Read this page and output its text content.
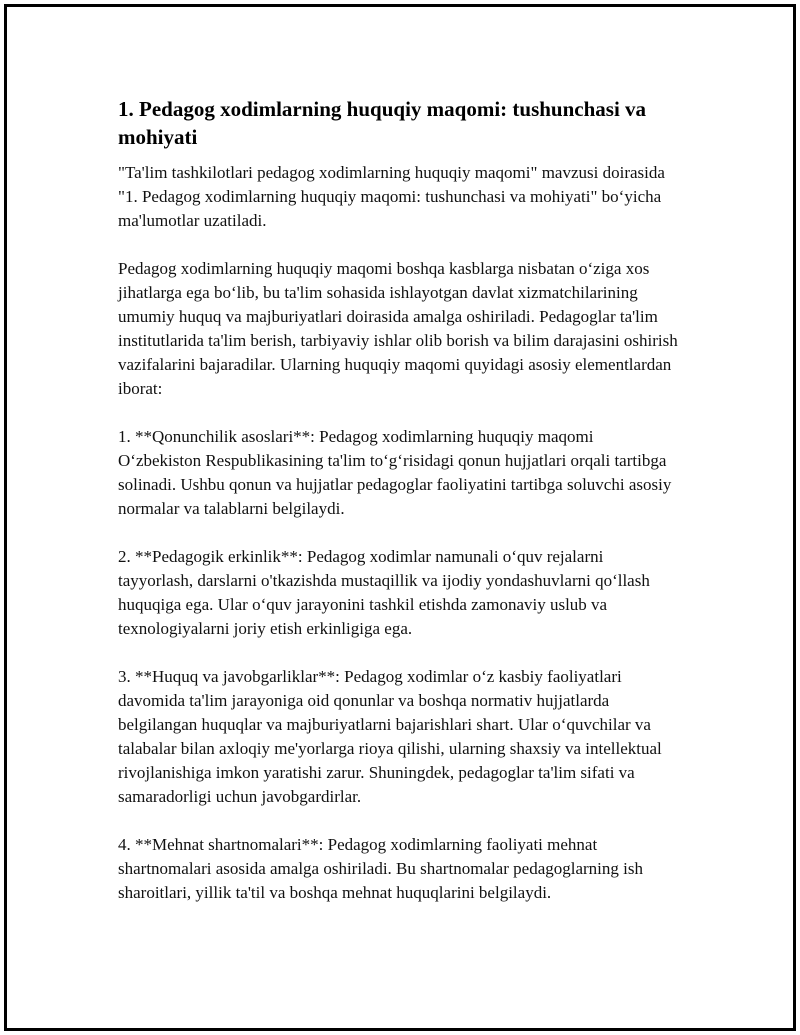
1. Pedagog xodimlarning huquqiy maqomi: tushunchasi va mohiyati

"Ta'lim tashkilotlari pedagog xodimlarning huquqiy maqomi" mavzusi doirasida "1. Pedagog xodimlarning huquqiy maqomi: tushunchasi va mohiyati" bo‘yicha ma'lumotlar uzatiladi.

Pedagog xodimlarning huquqiy maqomi boshqa kasblarga nisbatan o‘ziga xos jihatlarga ega bo‘lib, bu ta'lim sohasida ishlayotgan davlat xizmatchilarining umumiy huquq va majburiyatlari doirasida amalga oshiriladi. Pedagoglar ta'lim institutlarida ta'lim berish, tarbiyaviy ishlar olib borish va bilim darajasini oshirish vazifalarini bajaradilar. Ularning huquqiy maqomi quyidagi asosiy elementlardan iborat:

1. **Qonunchilik asoslari**: Pedagog xodimlarning huquqiy maqomi O‘zbekiston Respublikasining ta'lim to‘g‘risidagi qonun hujjatlari orqali tartibga solinadi. Ushbu qonun va hujjatlar pedagoglar faoliyatini tartibga soluvchi asosiy normalar va talablarni belgilaydi.

2. **Pedagogik erkinlik**: Pedagog xodimlar namunali o‘quv rejalarni tayyorlash, darslarni o'tkazishda mustaqillik va ijodiy yondashuvlarni qo‘llash huquqiga ega. Ular o‘quv jarayonini tashkil etishda zamonaviy uslub va texnologiyalarni joriy etish erkinligiga ega.

3. **Huquq va javobgarliklar**: Pedagog xodimlar o‘z kasbiy faoliyatlari davomida ta'lim jarayoniga oid qonunlar va boshqa normativ hujjatlarda belgilangan huquqlar va majburiyatlarni bajarishlari shart. Ular o‘quvchilar va talabalar bilan axloqiy me'yorlarga rioya qilishi, ularning shaxsiy va intellektual rivojlanishiga imkon yaratishi zarur. Shuningdek, pedagoglar ta'lim sifati va samaradorligi uchun javobgardirlar.

4. **Mehnat shartnomalari**: Pedagog xodimlarning faoliyati mehnat shartnomalari asosida amalga oshiriladi. Bu shartnomalar pedagoglarning ish sharoitlari, yillik ta'til va boshqa mehnat huquqlarini belgilaydi.
